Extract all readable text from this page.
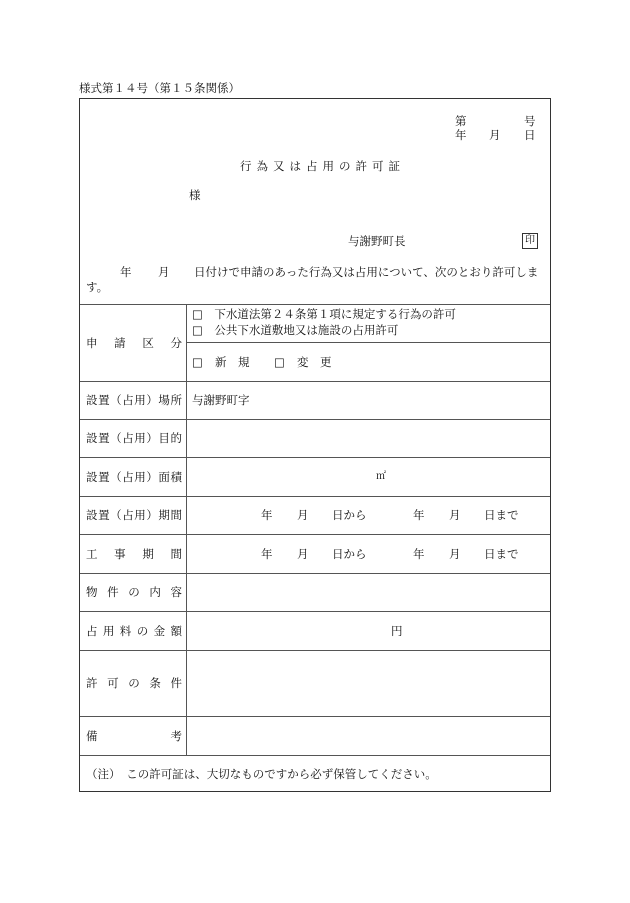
様式第１４号（第１５条関係）
第	号
年 月 日
行為又は占用の許可証
様
与謝野町長	印
年 月 日付けで申請のあった行為又は占用について、次のとおり許可しま
す。
申請区分
□　下水道法第２４条第１項に規定する行為の許可
□　公共下水道敷地又は施設の占用許可
□ 新　規 □ 変　更
設置（占用）場所 与謝野町字
設置（占用）目的
設置（占用）面積	㎡
設置（占用）期間	年 月 日から	年 月 日まで
工事期間	年 月 日から	年 月 日まで
物件の内容
占用料の金額	円
許可の条件
備考
（注）　この許可証は、大切なものですから必ず保管してください。
